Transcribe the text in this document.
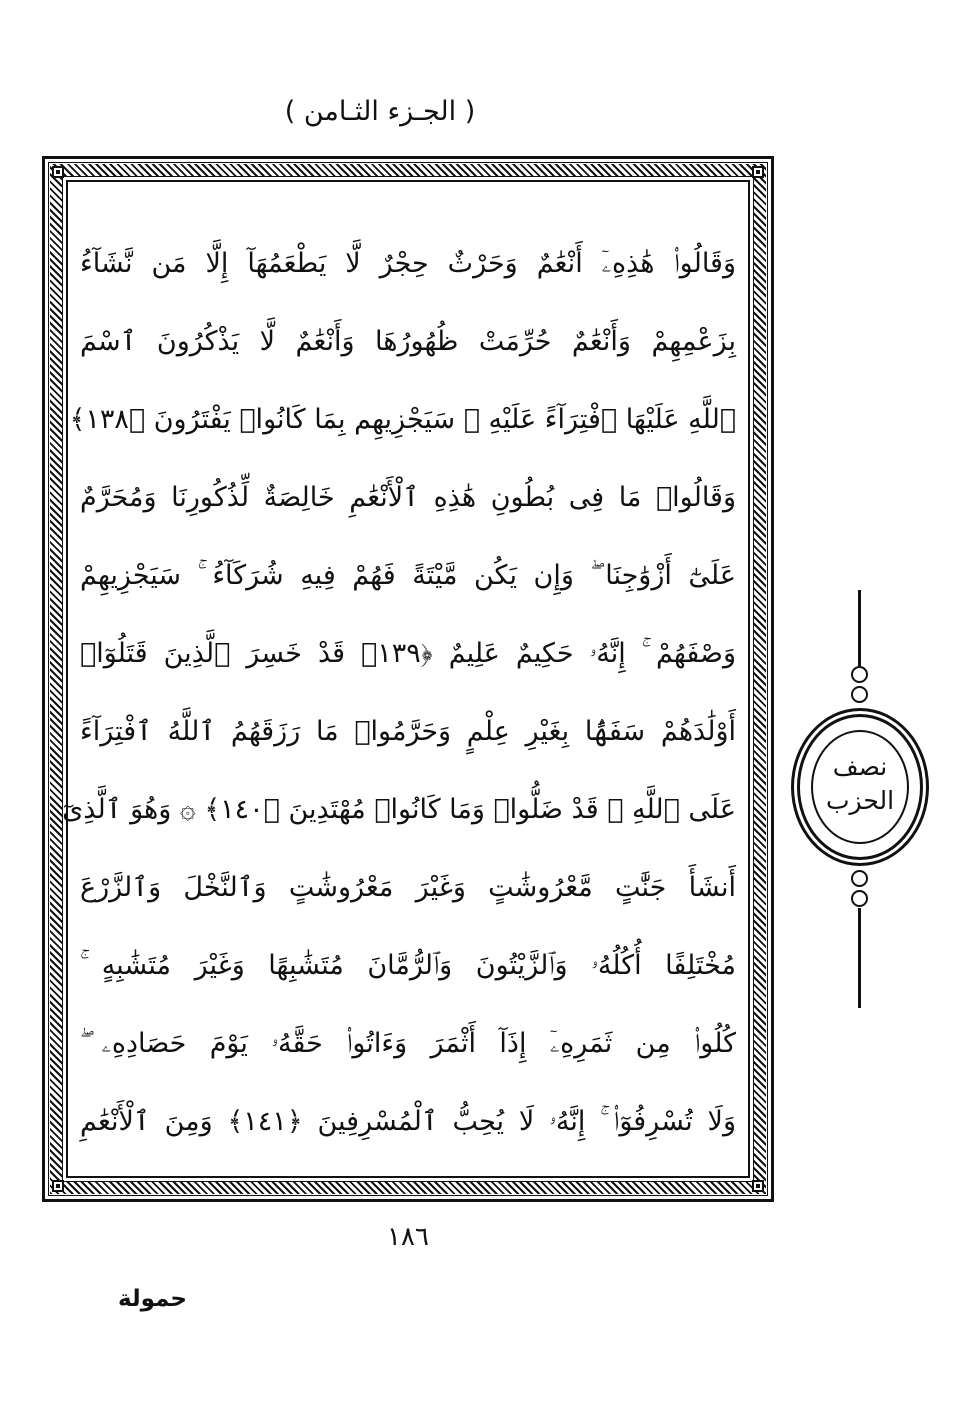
( الجـزء الثـامن )
وَقَالُوا۟ هَٰذِهِۦٓ أَنْعَٰمٌ وَحَرْثٌ حِجْرٌ لَّا يَطْعَمُهَآ إِلَّا مَن نَّشَآءُ
بِزَعْمِهِمْ وَأَنْعَٰمٌ حُرِّمَتْ ظُهُورُهَا وَأَنْعَٰمٌ لَّا يَذْكُرُونَ ٱسْمَ
ٱللَّهِ عَلَيْهَا ٱفْتِرَآءً عَلَيْهِ ۚ سَيَجْزِيهِم بِمَا كَانُوا۟ يَفْتَرُونَ ﴿١٣٨﴾
وَقَالُوا۟ مَا فِى بُطُونِ هَٰذِهِ ٱلْأَنْعَٰمِ خَالِصَةٌ لِّذُكُورِنَا وَمُحَرَّمٌ
عَلَىٰٓ أَزْوَٰجِنَا ۖ وَإِن يَكُن مَّيْتَةً فَهُمْ فِيهِ شُرَكَآءُ ۚ سَيَجْزِيهِمْ
وَصْفَهُمْ ۚ إِنَّهُۥ حَكِيمٌ عَلِيمٌ ﴿١٣٩﴾ قَدْ خَسِرَ ٱلَّذِينَ قَتَلُوٓا۟
أَوْلَٰدَهُمْ سَفَهًۢا بِغَيْرِ عِلْمٍ وَحَرَّمُوا۟ مَا رَزَقَهُمُ ٱللَّهُ ٱفْتِرَآءً
عَلَى ٱللَّهِ ۚ قَدْ ضَلُّوا۟ وَمَا كَانُوا۟ مُهْتَدِينَ ﴿١٤٠﴾ ۞ وَهُوَ ٱلَّذِىٓ
أَنشَأَ جَنَّٰتٍ مَّعْرُوشَٰتٍ وَغَيْرَ مَعْرُوشَٰتٍ وَٱلنَّخْلَ وَٱلزَّرْعَ
مُخْتَلِفًا أُكُلُهُۥ وَٱلزَّيْتُونَ وَٱلرُّمَّانَ مُتَشَٰبِهًا وَغَيْرَ مُتَشَٰبِهٍ ۚ
كُلُوا۟ مِن ثَمَرِهِۦٓ إِذَآ أَثْمَرَ وَءَاتُوا۟ حَقَّهُۥ يَوْمَ حَصَادِهِۦ ۖ
وَلَا تُسْرِفُوٓا۟ ۚ إِنَّهُۥ لَا يُحِبُّ ٱلْمُسْرِفِينَ ﴿١٤١﴾ وَمِنَ ٱلْأَنْعَٰمِ
نصف
الحزب
١٨٦
حمولة
